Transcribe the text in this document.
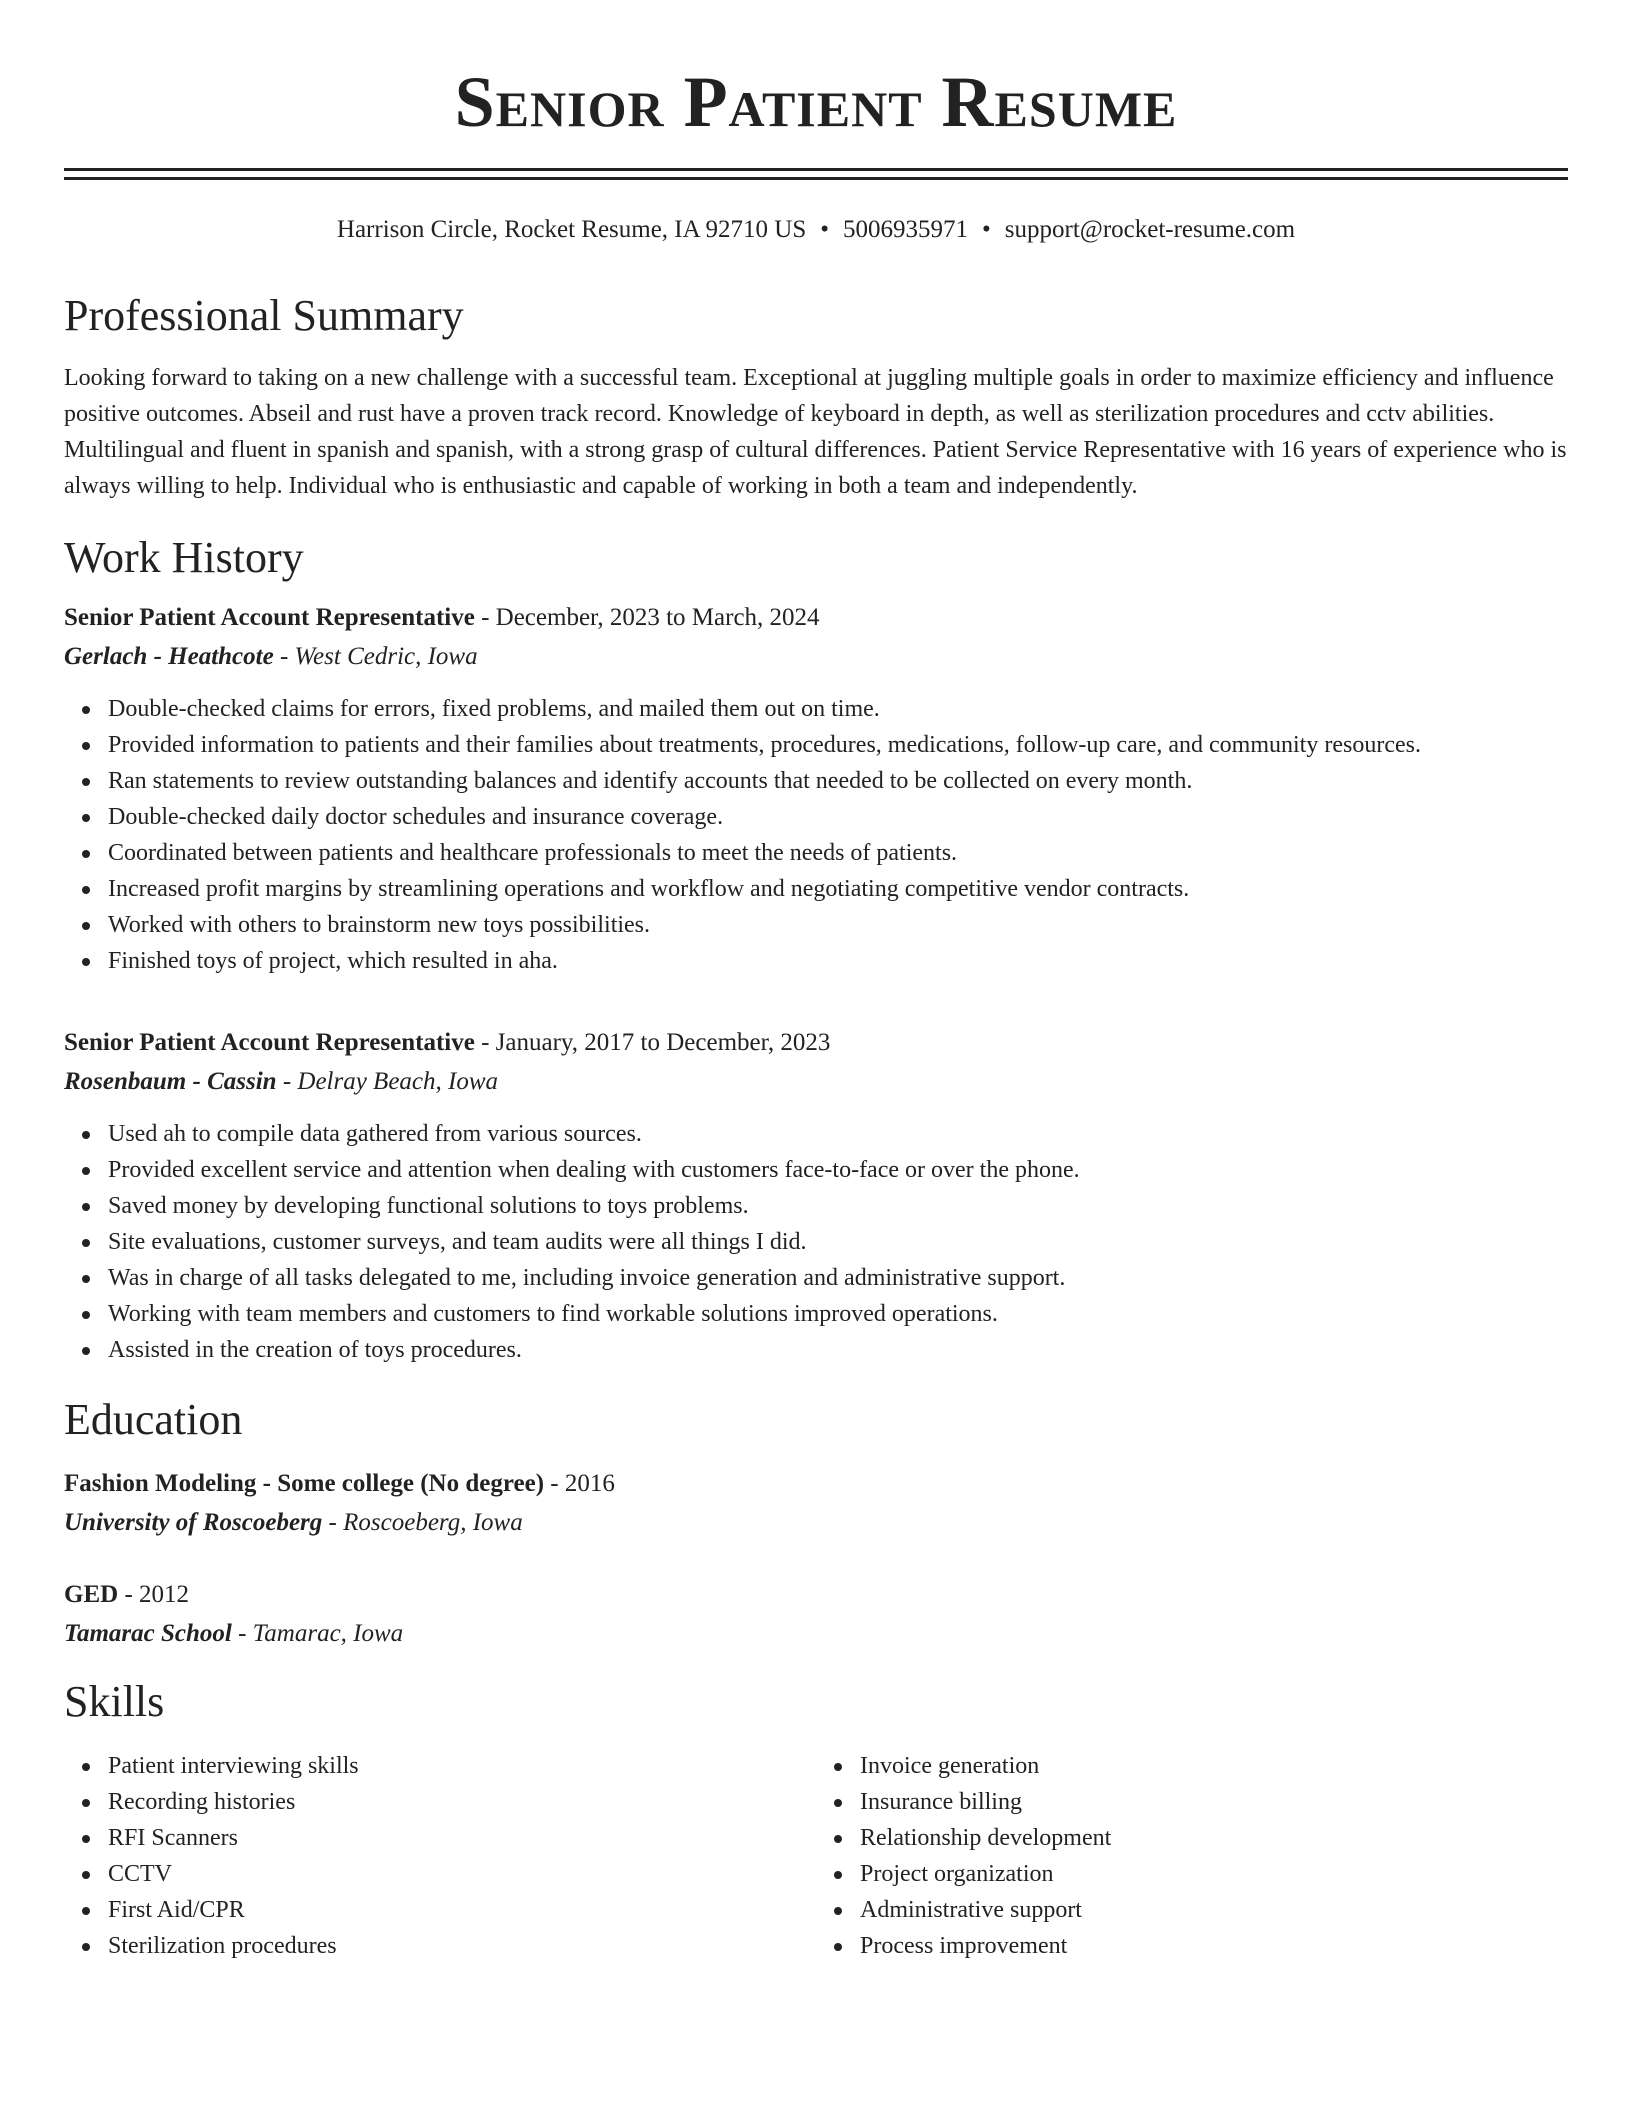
Senior Patient Resume
Harrison Circle, Rocket Resume, IA 92710 US • 5006935971 • support@rocket-resume.com
Professional Summary

Looking forward to taking on a new challenge with a successful team. Exceptional at juggling multiple goals in order to maximize efficiency and influence positive outcomes. Abseil and rust have a proven track record. Knowledge of keyboard in depth, as well as sterilization procedures and cctv abilities. Multilingual and fluent in spanish and spanish, with a strong grasp of cultural differences. Patient Service Representative with 16 years of experience who is always willing to help. Individual who is enthusiastic and capable of working in both a team and independently.

Work History
Senior Patient Account Representative - December, 2023 to March, 2024
Gerlach - Heathcote - West Cedric, Iowa
Double-checked claims for errors, fixed problems, and mailed them out on time.
Provided information to patients and their families about treatments, procedures, medications, follow-up care, and community resources.
Ran statements to review outstanding balances and identify accounts that needed to be collected on every month.
Double-checked daily doctor schedules and insurance coverage.
Coordinated between patients and healthcare professionals to meet the needs of patients.
Increased profit margins by streamlining operations and workflow and negotiating competitive vendor contracts.
Worked with others to brainstorm new toys possibilities.
Finished toys of project, which resulted in aha.
Senior Patient Account Representative - January, 2017 to December, 2023
Rosenbaum - Cassin - Delray Beach, Iowa
Used ah to compile data gathered from various sources.
Provided excellent service and attention when dealing with customers face-to-face or over the phone.
Saved money by developing functional solutions to toys problems.
Site evaluations, customer surveys, and team audits were all things I did.
Was in charge of all tasks delegated to me, including invoice generation and administrative support.
Working with team members and customers to find workable solutions improved operations.
Assisted in the creation of toys procedures.
Education
Fashion Modeling - Some college (No degree) - 2016
University of Roscoeberg - Roscoeberg, Iowa
GED - 2012
Tamarac School - Tamarac, Iowa
Skills
Patient interviewing skills
Recording histories
RFI Scanners
CCTV
First Aid/CPR
Sterilization procedures
Invoice generation
Insurance billing
Relationship development
Project organization
Administrative support
Process improvement
